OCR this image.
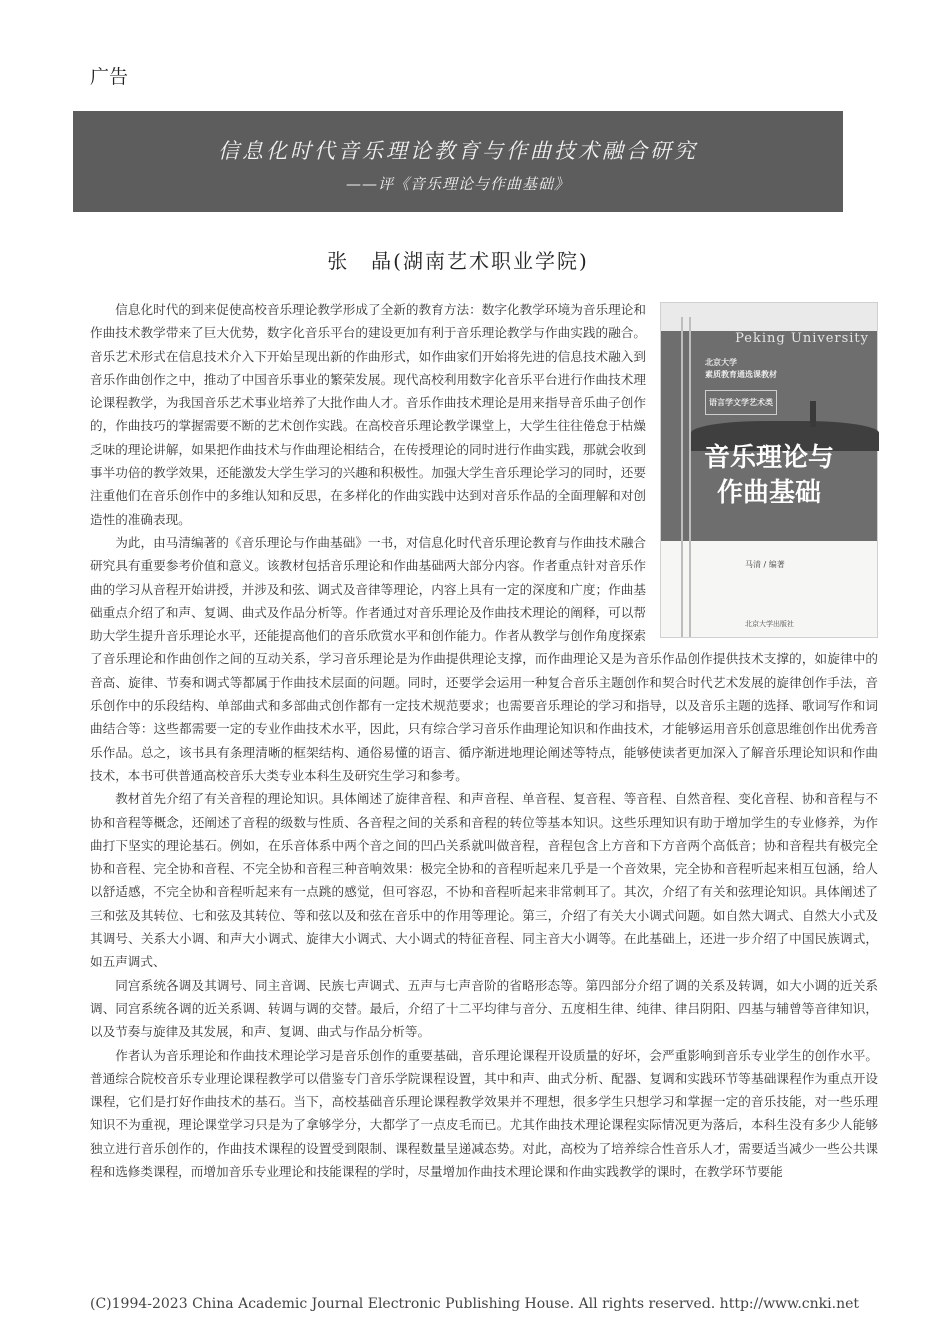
广告
信息化时代音乐理论教育与作曲技术融合研究
——评《音乐理论与作曲基础》
张　晶(湖南艺术职业学院)
Peking University
北京大学
素质教育通选课教材
语言学文学艺术类
音乐理论与
作曲基础
马清 / 编著
北京大学出版社

信息化时代的到来促使高校音乐理论教学形成了全新的教育方法：数字化教学环境为音乐理论和作曲技术教学带来了巨大优势，数字化音乐平台的建设更加有利于音乐理论教学与作曲实践的融合。音乐艺术形式在信息技术介入下开始呈现出新的作曲形式，如作曲家们开始将先进的信息技术融入到音乐作曲创作之中，推动了中国音乐事业的繁荣发展。现代高校利用数字化音乐平台进行作曲技术理论课程教学，为我国音乐艺术事业培养了大批作曲人才。音乐作曲技术理论是用来指导音乐曲子创作的，作曲技巧的掌握需要不断的艺术创作实践。在高校音乐理论教学课堂上，大学生往往倦怠于枯燥乏味的理论讲解，如果把作曲技术与作曲理论相结合，在传授理论的同时进行作曲实践，那就会收到事半功倍的教学效果，还能激发大学生学习的兴趣和积极性。加强大学生音乐理论学习的同时，还要注重他们在音乐创作中的多维认知和反思，在多样化的作曲实践中达到对音乐作品的全面理解和对创造性的准确表现。

为此，由马清编著的《音乐理论与作曲基础》一书，对信息化时代音乐理论教育与作曲技术融合研究具有重要参考价值和意义。该教材包括音乐理论和作曲基础两大部分内容。作者重点针对音乐作曲的学习从音程开始讲授，并涉及和弦、调式及音律等理论，内容上具有一定的深度和广度；作曲基础重点介绍了和声、复调、曲式及作品分析等。作者通过对音乐理论及作曲技术理论的阐释，可以帮助大学生提升音乐理论水平，还能提高他们的音乐欣赏水平和创作能力。作者从教学与创作角度探索了音乐理论和作曲创作之间的互动关系，学习音乐理论是为作曲提供理论支撑，而作曲理论又是为音乐作品创作提供技术支撑的，如旋律中的音高、旋律、节奏和调式等都属于作曲技术层面的问题。同时，还要学会运用一种复合音乐主题创作和契合时代艺术发展的旋律创作手法，音乐创作中的乐段结构、单部曲式和多部曲式创作都有一定技术规范要求；也需要音乐理论的学习和指导，以及音乐主题的选择、歌词写作和词曲结合等：这些都需要一定的专业作曲技术水平，因此，只有综合学习音乐作曲理论知识和作曲技术，才能够运用音乐创意思维创作出优秀音乐作品。总之，该书具有条理清晰的框架结构、通俗易懂的语言、循序渐进地理论阐述等特点，能够使读者更加深入了解音乐理论知识和作曲技术，本书可供普通高校音乐大类专业本科生及研究生学习和参考。

教材首先介绍了有关音程的理论知识。具体阐述了旋律音程、和声音程、单音程、复音程、等音程、自然音程、变化音程、协和音程与不协和音程等概念，还阐述了音程的级数与性质、各音程之间的关系和音程的转位等基本知识。这些乐理知识有助于增加学生的专业修养，为作曲打下坚实的理论基石。例如，在乐音体系中两个音之间的凹凸关系就叫做音程，音程包含上方音和下方音两个高低音；协和音程共有极完全协和音程、完全协和音程、不完全协和音程三种音响效果：极完全协和的音程听起来几乎是一个音效果，完全协和音程听起来相互包涵，给人以舒适感，不完全协和音程听起来有一点跳的感觉，但可容忍，不协和音程听起来非常刺耳了。其次，介绍了有关和弦理论知识。具体阐述了三和弦及其转位、七和弦及其转位、等和弦以及和弦在音乐中的作用等理论。第三，介绍了有关大小调式问题。如自然大调式、自然大小式及其调号、关系大小调、和声大小调式、旋律大小调式、大小调式的特征音程、同主音大小调等。在此基础上，还进一步介绍了中国民族调式，如五声调式、

同宫系统各调及其调号、同主音调、民族七声调式、五声与七声音阶的省略形态等。第四部分介绍了调的关系及转调，如大小调的近关系调、同宫系统各调的近关系调、转调与调的交替。最后，介绍了十二平均律与音分、五度相生律、纯律、律吕阴阳、四基与辅曾等音律知识，以及节奏与旋律及其发展，和声、复调、曲式与作品分析等。

作者认为音乐理论和作曲技术理论学习是音乐创作的重要基础，音乐理论课程开设质量的好坏，会严重影响到音乐专业学生的创作水平。普通综合院校音乐专业理论课程教学可以借鉴专门音乐学院课程设置，其中和声、曲式分析、配器、复调和实践环节等基础课程作为重点开设课程，它们是打好作曲技术的基石。当下，高校基础音乐理论课程教学效果并不理想，很多学生只想学习和掌握一定的音乐技能，对一些乐理知识不为重视，理论课堂学习只是为了拿够学分，大都学了一点皮毛而已。尤其作曲技术理论课程实际情况更为落后，本科生没有多少人能够独立进行音乐创作的，作曲技术课程的设置受到限制、课程数量呈递减态势。对此，高校为了培养综合性音乐人才，需要适当减少一些公共课程和选修类课程，而增加音乐专业理论和技能课程的学时，尽量增加作曲技术理论课和作曲实践教学的课时，在教学环节要能

(C)1994-2023 China Academic Journal Electronic Publishing House. All rights reserved. http://www.cnki.net
